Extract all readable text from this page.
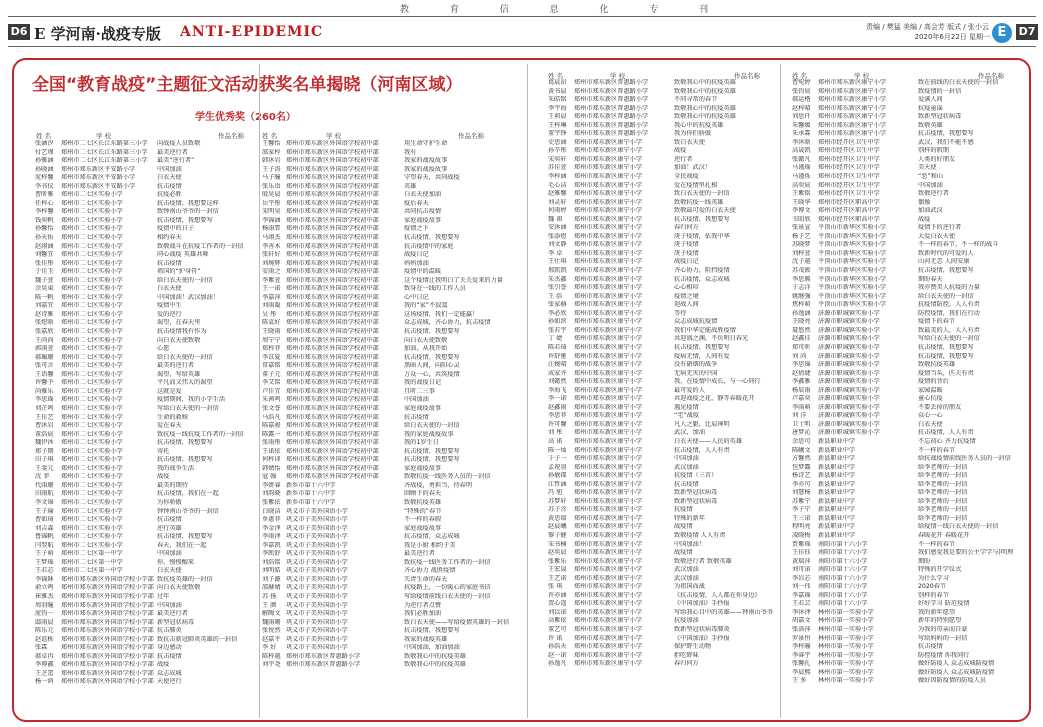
教 育 信 息 化 专 刊
D6 E 学河南·战疫专版 ANTI-EPIDEMIC	责编 / 樊猛 美编 / 高会芳 版式 / 张小云
2020年6月22日 星期一 E	D7
全国“教育战疫”主题征文活动获奖名单揭晓（河南区域）
学生优秀奖（260名）
姓 名	学 校	作品名称	姓 名	学 校	作品名称
姓 名	学 校	作品名称	姓 名	学 校	作品名称
张涵汐	郑州市二七区长江东路第三小学	向战疫人员致敬
付艺瑾	郑州市二七区长江东路第三小学	最美逆行者
孙雅涵	郑州市二七区长江东路第三小学	最美“逆行者”
孙晓涵	郑州市郑东新区平安路小学	中国加油
庞梓馨	郑州市郑东新区平安路小学	白衣天使
李书仪	郑州市郑东新区平安路小学	抗击疫情
曹昕雅	郑州市二七区实验小学	抗疫必胜
任梓心	郑州市二七区实验小学	抗击疫情，我想要这样
李梓馨	郑州市二七区实验小学	致钟南山爷爷的一封信
钱奕帆	郑州市二七区实验小学	抗击疫情，我想要写
孙馨怡	郑州市二七区实验小学	疫情中的日子
孙天佑	郑州市二七区实验小学	相约春天
赵翊涵	郑州市二七区实验小学	致敬战斗在抗疫工作者的一封信
刘馨宜	郑州市二七区实验小学	同心战疫 英雄共舞
张佳彤	郑州市二七区实验小学	抗击疫情
于佳玉	郑州市二七区实验小学	祖国的“护身符”
魏子萱	郑州市二七区实验小学	给白衣天使的一封信
余昊東	郑州市二七区实验小学	白衣天使
陈一帆	郑州市二七区实验小学	中国加油！武汉加油！
刘嘉宜	郑州市二七区实验小学	疫情中生
赵诗雅	郑州市二七区实验小学	爱的逆行
张煜晗	郑州市二七区实验小学	渴望，在春天里
张嘉欣	郑州市二七区实验小学	抗击疫情我有作为
王尚尚	郑州市二七区实验小学	向白衣天使致敬
郭雨萱	郑州市二七区实验小学	心愿
郝珮珊	郑州市二七区实验小学	给白衣天使的一封信
张可言	郑州市二七区实验小学	最美的逆行者
王语馨	郑州市二七区实验小学	渴望，写给英雄
许馨予	郑州市二七区实验小学	平凡而又伟大的渴望
尚雅乐	郑州市二七区实验小学	这就是爱
李思瑶	郑州市二七区实验小学	疫情期间，我的小学生活
刘芷鸣	郑州市二七区实验小学	写给白衣天使的一封信
王佳艺	郑州市二七区实验小学	生命的救赎
曹沐岩	郑州市二七区实验小学	爱在春天
董浩宸	郑州市二七区实验小学	致抗疫一线抗疫工作者的一封信
魏伊沐	郑州市二七区实验小学	抗击疫情，我想要写
郑子期	郑州市二七区实验小学	寄托
田子琪	郑州市二七区实验小学	抗击疫情，我想要写
王斐元	郑州市二七区实验小学	我的战争生活
沈 菲	郑州市二七区实验小学	战疫
代雨珊	郑州市二七区实验小学	最美的期待
田雨航	郑州市二七区实验小学	抗击疫情，我们在一起
李文锦	郑州市二七区实验小学	为你骄傲
王子瑜	郑州市二七区实验小学	钟钟南山爷爷的一封信
曹如琦	郑州市二七区实验小学	抗击疫情
刘吉森	郑州市二七区实验小学	逆行英雄
鲁锦帆	郑州市二七区实验小学	抗击疫情，我想要写
闫翌航	郑州市二七区实验小学	春天，我们在一起
王子萌	郑州市二七区第一中学	中国加油
王梦瑶	郑州市二七区第一中学	你，慢慢醒来
王若芯	郑州市二七区第一中学	白衣天使
李锦鈢	郑州市郑东新区外国语学校小学部 致抗疫英雄的一封信
俞立鸣	郑州市郑东新区外国语学校小学部 向白衣天使致敬
崔雅杰	郑州市郑东新区外国语学校小学部 过年
周羽瞳	郑州市郑东新区外国语学校小学部 中国加油
庞钧一	郑州市郑东新区外国语学校小学部 最美逆行者
邸雨晨	郑州市郑东新区外国语学校小学部 新型冠状病毒
陈乐元	郑州市郑东新区外国语学校小学部 抗击肺炎
赵谊栎	郑州市郑东新区外国语学校小学部 致抗击新冠肺炎英雄的一封信
张霖	郑州市郑东新区外国语学校小学部 身边感动
郝卓冉	郑州市郑东新区外国语学校小学部 抗击疫情
李博鑫	郑州市郑东新区外国语学校小学部 战疫
王芝蕾	郑州市郑东新区外国语学校小学部 众志成城
杨一鸿	郑州市郑东新区外国语学校小学部 天使逆行
王馨怡 郑州市郑东新区外国语学校初中部	用生命守护生命
邵家梓 郑州市郑东新区外国语学校初中部	我有
韩沐岩 郑州市郑东新区外国语学校初中部	我家的战疫故事
王子涛 郑州市郑东新区外国语学校初中部	我家的战疫故事
马子瞳 郑州市郑东新区外国语学校初中部	守望春天，共同战疫
张乐语 郑州市郑东新区外国语学校初中部	英雄
殷昊晨 郑州市郑东新区外国语学校初中部	白衣天使加油
岳宇彤 郑州市郑东新区外国语学校初中部	疫后春天
宋明昊 郑州市郑东新区外国语学校初中部	共同抗击疫情
李锦涵 郑州市郑东新区外国语学校初中部	家庭战疫故事
杨雨霏 郑州市郑东新区外国语学校初中部	疫情之下
马翊杰 郑州市郑东新区外国语学校初中部	抗击疫情，我想要写
李善木 郑州市郑东新区外国语学校初中部	抗击疫情中的家庭
张轩好 郑州市郑东新区外国语学校初中部	战疫日记
刘琬辉 郑州市郑东新区外国语学校初中部	妈妈加油
安雨之 郑州市郑东新区外国语学校初中部	疫情中的温暖
李紫萱 郑州市郑东新区外国语学校初中部	这个疫情让我明白了关关爱来的力量
王一诺 郑州市郑东新区外国语学校初中部	致身在一线的工作人员
李嘉萍 郑州市郑东新区外国语学校初中部	心中日记
刘雨凝 郑州市郑东新区外国语学校初中部	我的“家”不寂寞
吴 彤	郑州市郑东新区外国语学校初中部	这场疫情，我们一定能赢！
陈袁好 郑州市郑东新区外国语学校初中部	众志成城，齐心协力，抗击疫情
王晓雨 郑州市郑东新区外国语学校初中部	抗击疫情，我想要写
周宁宁 郑州市郑东新区外国语学校初中部	向白衣天使致敬
郑梓菲 郑州市郑东新区外国语学校初中部	加油，从我开始
李苡夏 郑州市郑东新区外国语学校初中部	抗击疫情，我想要写
常嘉铭 郑州市郑东新区外国语学校初中部	黑暗人间，向阳心灵
董子元 郑州市郑东新区外国语学校初中部	万众一心，共筑疫情
李艾铭 郑州市郑东新区外国语学校初中部	我的战疫日记
卢佳宜 郑州市郑东新区外国语学校初中部	且听二三事
朱茜鸣 郑州市郑东新区外国语学校初中部	中国加油
张文誉 郑州市郑东新区外国语学校初中部	家庭战疫故事
马浩凡 郑州市郑东新区外国语学校初中部	抗击疫情
陈嘉骏 郑州市郑东新区外国语学校初中部	给白衣天使的一封信
陈露一 郑州市郑东新区外国语学校初中部	我的家庭战疫故事
张雨彤 郑州市郑东新区外国语学校初中部	我的1岁生日
王诺依 郑州市郑东新区外国语学校初中部	抗击疫情，我想要写
何梓译 郑州市郑东新区外国语学校初中部	抗击疫情，我想要写
韩婧怡 郑州市郑东新区外国语学校初中部	家庭战疫故事
寇 翰	郑州市郑东新区外国语学校初中部	致敬抗疫一线医务人员的一封信
李妍睿 新乡市第十六中学	齐战疫，勇担当，待春明
刘韵晓 新乡市第十六中学	回顾下的春天
张紫依 新乡市第十六中学	致敬抗疫英雄
白晓洁 巩义市子美外国语小学	“特殊的”春节
单惠菲 巩义市子美外国语小学	不一样的春假
李金泽 巩义市子美外国语小学	家庭战疫故事
李雨泽 巩义市子美外国语小学	抗击疫情，众志成城
李嘉凯 巩义市子美外国语小学	我是小厨 相约于美
李凯舒 巩义市子美外国语小学	最美逆行者
刘浩铭 巩义市子美外国语小学	致抗疫一线医务工作者的一封信
刘明皓 巩义市子美外国语小学	齐心协力 战胜疫情
刘子源 巩义市子美外国语小学	失责生命的春天
邵赫婧 巩义市子美外国语小学	抗疫路上，一份暖心的家庭书信
苏 扬	巩义市子美外国语小学	写给疫情前线白衣天使的一封信
王 颜	巩义市子美外国语小学	为逆行者点赞
解陶文 巩义市子美外国语小学	我们必胜加油
魏雨珊 巩义市子美外国语小学	致白衣天使——写给疫情英雄的一封信
张悦然 巩义市子美外国语小学	抗击疫情，我想要写
赵嘉平 巩义市子美外国语小学	我家的战疫英雄
李 好	巩义市子美外国语小学	中国加油，加油加油
陈梓越 郑州市郑东新区普惠路小学	致敬我心中的抗疫英雄
刘宇尧 郑州市郑东新区普惠路小学	致敬我心中的抗疫英雄
葛晨昂	郑州市郑东新区普惠路小学	致敬我心中的抗疫英雄
黄书晨	郑州市郑东新区普惠路小学	致敬我心中的抗疫英雄
朱皓铭	郑州市郑东新区普惠路小学	不同寻常的春节
李宇海	郑州市郑东新区普惠路小学	致敬我心中的抗疫英雄
王莉晨	郑州市郑东新区普惠路小学	致敬我心中的抗疫英雄
王梓琳	郑州市郑东新区普惠路小学	我心中的抗疫英雄
董宇铮	郑州市郑东新区普惠路小学	我为你们骄傲
史思涵	郑州市郑东新区康宁小学	致白衣天使
孙辛彤	郑州市郑东新区康宁小学	战疫
宋奕轩	郑州市郑东新区康宁小学	逆行者
苏佳萱	郑州市郑东新区康宁小学	加油！武汉！
李梓涵	郑州市郑东新区康宁小学	全民战疫
毛心洁	郑州市郑东新区康宁小学	爱在疫情里扎根
赵雅馨	郑州市郑东新区康宁小学	致白衣天使的一封信
刘灵轩	郑州市郑东新区康宁小学	致敬抗疫一线英雄
何雨婷	郑州市郑东新区康宁小学	致敬最可爱的白衣天使
魏 祺	郑州市郑东新区康宁小学	抗击疫情，我想要写
安沐涵	郑州市郑东新区康宁小学	春归何方
张添煜	郑州市郑东新区康宁小学	庚子疫情，依我中华
刘文静	郑州市郑东新区康宁小学	庚子疫情
李 卓	郑州市郑东新区康宁小学	庚子疫情
王仕琪	郑州市郑东新区康宁小学	战疫日记
邢凯凯	郑州市郑东新区康宁小学	齐心协力，阻挡疫情
朱杰鑫	郑州市郑东新区康宁小学	抗击疫情，众志成城
张引誉	郑州市郑东新区康宁小学	心心相印
王 浩	郑州市郑东新区康宁小学	疫情之境
张家赫	郑州市郑东新区康宁小学	迎战人间
李必欣	郑州市郑东新区康宁小学	等待
孙如滨	郑州市郑东新区康宁小学	众志成城抗疫情
张若宇	郑州市郑东新区康宁小学	我们中华定能战胜疫情
丁 婕	郑州市郑东新区康宁小学	共迎盛之渊，不负明日春光
陈若琦	郑州市郑东新区康宁小学	抗击疫情，我想要写
许舒娅	郑州市郑东新区康宁小学	疫病无情，人间有爱
汪婉晴	郑州市郑东新区康宁小学	没有硝烟的战争
成家齐	郑州市郑东新区康宁小学	无病无灾的中国
刘懿然	郑州市郑东新区康宁小学	我，在疫情中成长，与一心同行
李海飞	郑州市郑东新区康宁小学	最可爱的人
李一诺	郑州市郑东新区康宁小学	共迎战疫之花，静等春暖花开
赵鑫雨	郑州市郑东新区康宁小学	遇见疫情
李思菲	郑州市郑东新区康宁小学	“宅”战疫
许可馨	郑州市郑东新区康宁小学	凡人之躯，比肩神明
刘 彤	郑州市郑东新区康宁小学	武汉，加油
高 诺	郑州市郑东新区康宁小学	白衣天使——人民的英雄
陈一灿	郑州市郑东新区康宁小学	抗击疫情，人人有责
于子一	郑州市郑东新区康宁小学	中国加油
孟祝羽	郑州市郑东新区康宁小学	武汉加油
孙敏郡	郑州市郑东新区康宁小学	抗疫情（三首）
江哲涵	郑州市郑东新区康宁小学	抗击疫情
冯 旭	郑州市郑东新区康宁小学	致新型冠状病毒
苏梦轩	郑州市郑东新区康宁小学	致新型冠状病毒
苏子含	郑州市郑东新区康宁小学	抗疫情
黄思瑞	郑州市郑东新区康宁小学	特殊的新年
赵晨曦	郑州市郑东新区康宁小学	战疫情
黎子健	郑州市郑东新区康宁小学	致敬疫情 人人有责
宋书楠	郑州市郑东新区康宁小学	中国加油！
赵奕晨	郑州市郑东新区康宁小学	战疫情
张紫乐	郑州市郑东新区康宁小学	致敬逆行者 致敬英雄
王宏晟	郑州市郑东新区康宁小学	武汉加油
王艺诺	郑州市郑东新区康宁小学	武汉加油
张 琪	郑州市郑东新区康宁小学	为祖国而战
许亦涵	郑州市郑东新区康宁小学	《抗击疫情，人人都在你身边》
贺心遥	郑州市郑东新区康宁小学	《中国加油》手抄报
刘以诺	郑州市郑东新区康宁小学	写给我心目中的英雄——钟南山爷爷
高紫依	郑州市郑东新区康宁小学	抗疫加油
董艺可	郑州市郑东新区康宁小学	致新型冠状病毒肺炎
许 诺	郑州市郑东新区康宁小学	《中国加油》手抄报
孙浩天	郑州市郑东新区康宁小学	保护野生动物
赵一诺	郑州市郑东新区康宁小学	拒吃野味
孙逸凡	郑州市郑东新区康宁小学	春归何方
曹宛婷	郑州市郑东新区康宁小学	致在前线的白衣天使的一封信
张钧宸	郑州市郑东新区康宁小学	致疫情的一封信
郝运楷	郑州市郑东新区康宁小学	爱满人间
赵梓晴	郑州市郑东新区康宁小学	抗疫童谣
刘思仟	郑州市郑东新区康宁小学	致新型冠状病毒
朱馨媛	郑州市郑东新区康宁小学	致敬英雄
朱承霖	郑州市郑东新区康宁小学	抗击疫情，我想要写
李沐晗	郑州市经开区卫生中学	武汉，我们不能不感
高晟凯	郑州市经开区卫生中学	别样的假期
张懿凡	郑州市经开区卫生中学	人类的好朋友
马谨瑶	郑州市经开区卫生中学	美天使
马谨烁	郑州市经开区卫生中学	“恶”和山
高奕宸	郑州市经开区卫生中学	中国加油
王紫铭	郑州市经开区卫生中学	致敬逆行者
王晓华	郑州市经开区职高中学	偶像
李博文	郑州市经开区职高中学	加油武汉
韦昭欣	郑州市经开区职高中学	战疫
张景宣	平顶山市新华区实验小学	疫情下的逆行者
杨子艺	平顶山市新华区实验小学	大爱白衣天使
苏晓梦	平顶山市新华区实验小学	不一样的春节，不一样的战斗
刘梓萱	平顶山市新华区实验小学	致新时代的可爱的人
沈子越	平顶山市新华区实验小学	山河无恙 人间安康
苏茂淞	平顶山市新华区实验小学	抗击疫情，我想要写
李思腾	平顶山市新华区实验小学	期盼春天
于志洋	平顶山市新华区实验小学	我亦赞美人抗疫的力量
姚继强	平顶山市新华区实验小学	给白衣天使的一封信
焦梓萌	平顶山市新华区实验小学	抗疫情防控，人人有责
孙逸涵	济源市职城镇实验小学	防控疫情，我们在行动
王晓亮	济源市职城镇实验小学	疫情下的春节
聂悠然	济源市职城镇实验小学	致最美的人，人人有责
赵鑫佳	济源市职城镇实验小学	写给白衣天使的一封信
郑可昕	济源市职城镇实验小学	抗击疫情，我想要写
刘 尚	济源市职城镇实验小学	抗击疫情，我想要写
李思锦	济源市职城镇实验小学	致敬抗疫英雄
赵倩婕	济源市职城镇实验小学	疫情当头，匹夫有责
李鑫雅	济源市职城镇实验小学	疫情的背后
杨辰雨	济源市职城镇实验小学	家园温暖
卢嘉奕	济源市职城镇实验小学	童心抗疫
李雨萌	济源市职城镇实验小学	不要丢掉的朋友
刘 洋	济源市职城镇实验小学	众心一心
卫士明	济源市职城镇实验小学	白衣天使
唐梦沁	济源市职城镇实验小学	抗击疫情，人人有责
余思可	新县职业中学	不忘初心 齐力抗疫情
陈曦文	新县职业中学	不一样的春节
方馨然	新县职业中学	给抗战疫情前线医务人员的一封信
包梦露	新县职业中学	给李老师的一封信
杨诗艺	新县职业中学	给李老师的一封信
李亦可	新县职业中学	给李老师的一封信
刘慧杨	新县职业中学	给李老师的一封信
苏紫宁	新县职业中学	给李老师的一封信
李子宁	新县职业中学	给李老师的一封信
王三诺	新县职业中学	给李老师的一封信
程明亮	新县职业中学	给疫情一线白衣天使的一封信
凌晓梅	新县职业中学	春暖花开 春暖花开
贾紫瑶	南阳市第十六小学	不一样的春节
王佳钰	南阳市第十六小学	我们感觉我是要的公主学学与)明理
黄瑞萍	南阳市第十六小学	期盼
刘可诺	南阳市第十六小学	特殊的开学仪式
李岩芯	南阳市第十六小学	为什么学习
刘一玮	南阳市第十六小学	2020春节
李嘉瑶	南阳市第十六小学	别样的春节
王若芸	南阳市第十六小学	好好学习 防范疫情
李沐泽	林州市第一实验小学	我的新年愿望
胡嘉文	林州市第一实验小学	新年的特别愿望
张洛萍	林州市第一实验小学	为我的母亲而自豪
罗景恒	林州市第一实验小学	写给妈妈的一封信
李梓曈	林州市第一实验小学	抗击疫情
李睿宇	林州市第一实验小学	防控疫情 你我同行
张馨扎	林州市第一实验小学	做好防疫人 众志成城防疫情
李晨熙	林州市第一实验小学	做好防疫人 众志成城防疫情
王 多	林州市第一实验小学	做好因防疫情的防疫人员
